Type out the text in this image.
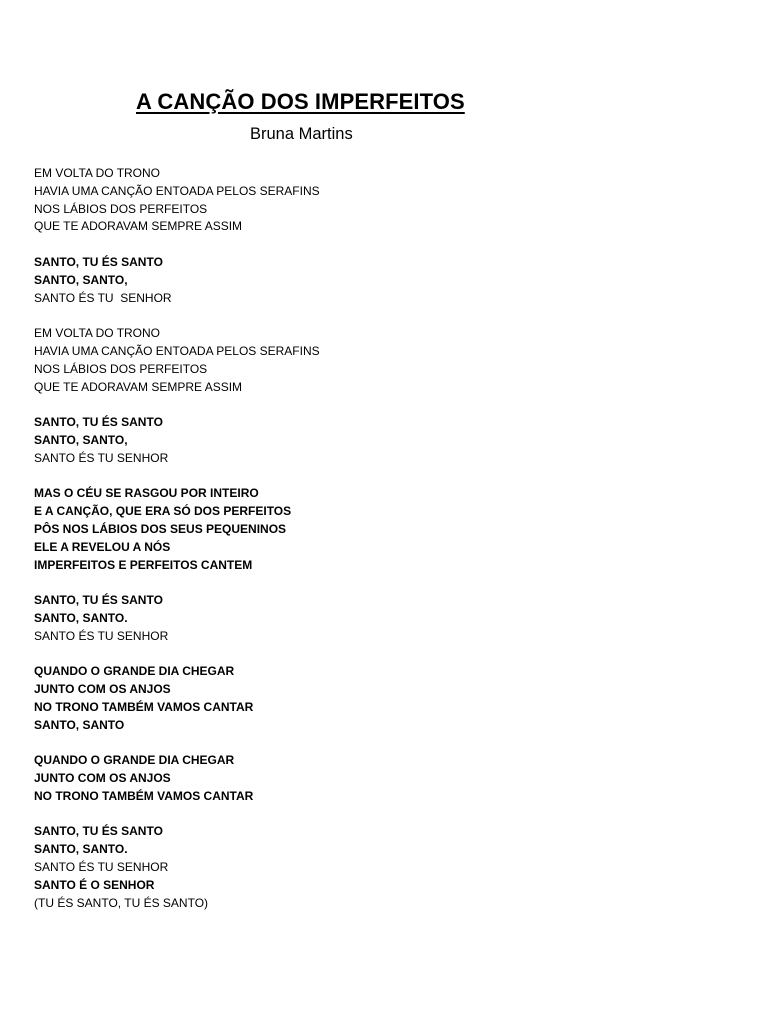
A CANÇÃO DOS IMPERFEITOS
Bruna Martins
EM VOLTA DO TRONO
HAVIA UMA CANÇÃO ENTOADA PELOS SERAFINS
NOS LÁBIOS DOS PERFEITOS
QUE TE ADORAVAM SEMPRE ASSIM
SANTO, TU ÉS SANTO
SANTO, SANTO,
SANTO ÉS TU  SENHOR
EM VOLTA DO TRONO
HAVIA UMA CANÇÃO ENTOADA PELOS SERAFINS
NOS LÁBIOS DOS PERFEITOS
QUE TE ADORAVAM SEMPRE ASSIM
SANTO, TU ÉS SANTO
SANTO, SANTO,
SANTO ÉS TU SENHOR
MAS O CÉU SE RASGOU POR INTEIRO
E A CANÇÃO, QUE ERA SÓ DOS PERFEITOS
PÔS NOS LÁBIOS DOS SEUS PEQUENINOS
ELE A REVELOU A NÓS
IMPERFEITOS E PERFEITOS CANTEM
SANTO, TU ÉS SANTO
SANTO, SANTO.
SANTO ÉS TU SENHOR
QUANDO O GRANDE DIA CHEGAR
JUNTO COM OS ANJOS
NO TRONO TAMBÉM VAMOS CANTAR
SANTO, SANTO
QUANDO O GRANDE DIA CHEGAR
JUNTO COM OS ANJOS
NO TRONO TAMBÉM VAMOS CANTAR
SANTO, TU ÉS SANTO
SANTO, SANTO.
SANTO ÉS TU SENHOR
SANTO É O SENHOR
(TU ÉS SANTO, TU ÉS SANTO)
